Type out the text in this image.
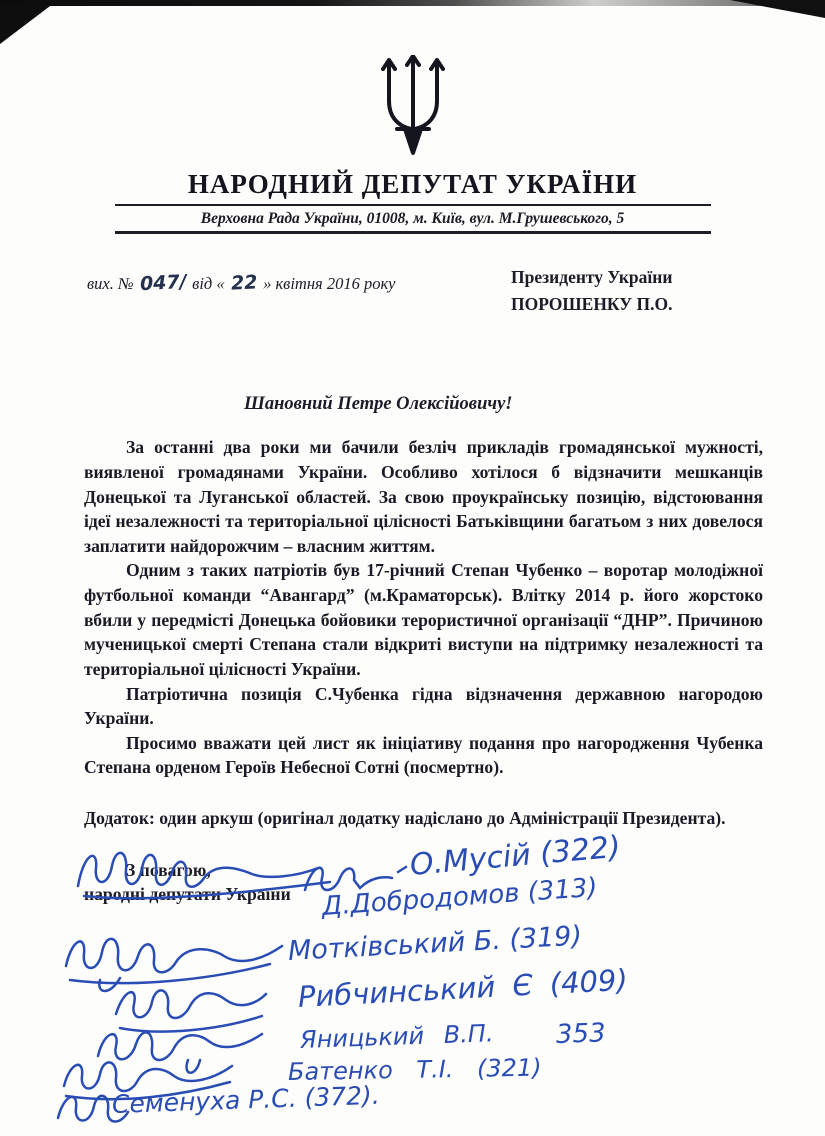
НАРОДНИЙ ДЕПУТАТ УКРАЇНИ
Верховна Рада України, 01008, м. Київ, вул. М.Грушевського, 5
вих. № 047/ від « 22 » квітня 2016 року	Президенту України
ПОРОШЕНКУ П.О.
Шановний Петре Олексійовичу!

За останні два роки ми бачили безліч прикладів громадянської мужності, виявленої громадянами України. Особливо хотілося б відзначити мешканців Донецької та Луганської областей. За свою проукраїнську позицію, відстоювання ідеї незалежності та територіальної цілісності Батьківщини багатьом з них довелося заплатити найдорожчим – власним життям.

Одним з таких патріотів був 17-річний Степан Чубенко – воротар молодіжної футбольної команди “Авангард” (м.Краматорськ). Влітку 2014 р. його жорстоко вбили у передмісті Донецька бойовики терористичної організації “ДНР”. Причиною мученицької смерті Степана стали відкриті виступи на підтримку незалежності та територіальної цілісності України.

Патріотична позиція С.Чубенка гідна відзначення державною нагородою України.

Просимо вважати цей лист як ініціативу подання про нагородження Чубенка Степана орденом Героїв Небесної Сотні (посмертно).

Додаток: один аркуш (оригінал додатку надіслано до Адміністрації Президента).

З повагою,
народні депутати України
О.Мусій (322)
Д.Добродомов (313)
Мотківський Б. (319)
Рибчинський Є (409)
Яницький В.П. 353
Батенко Т.І. (321)
Семенуха Р.С. (372).
